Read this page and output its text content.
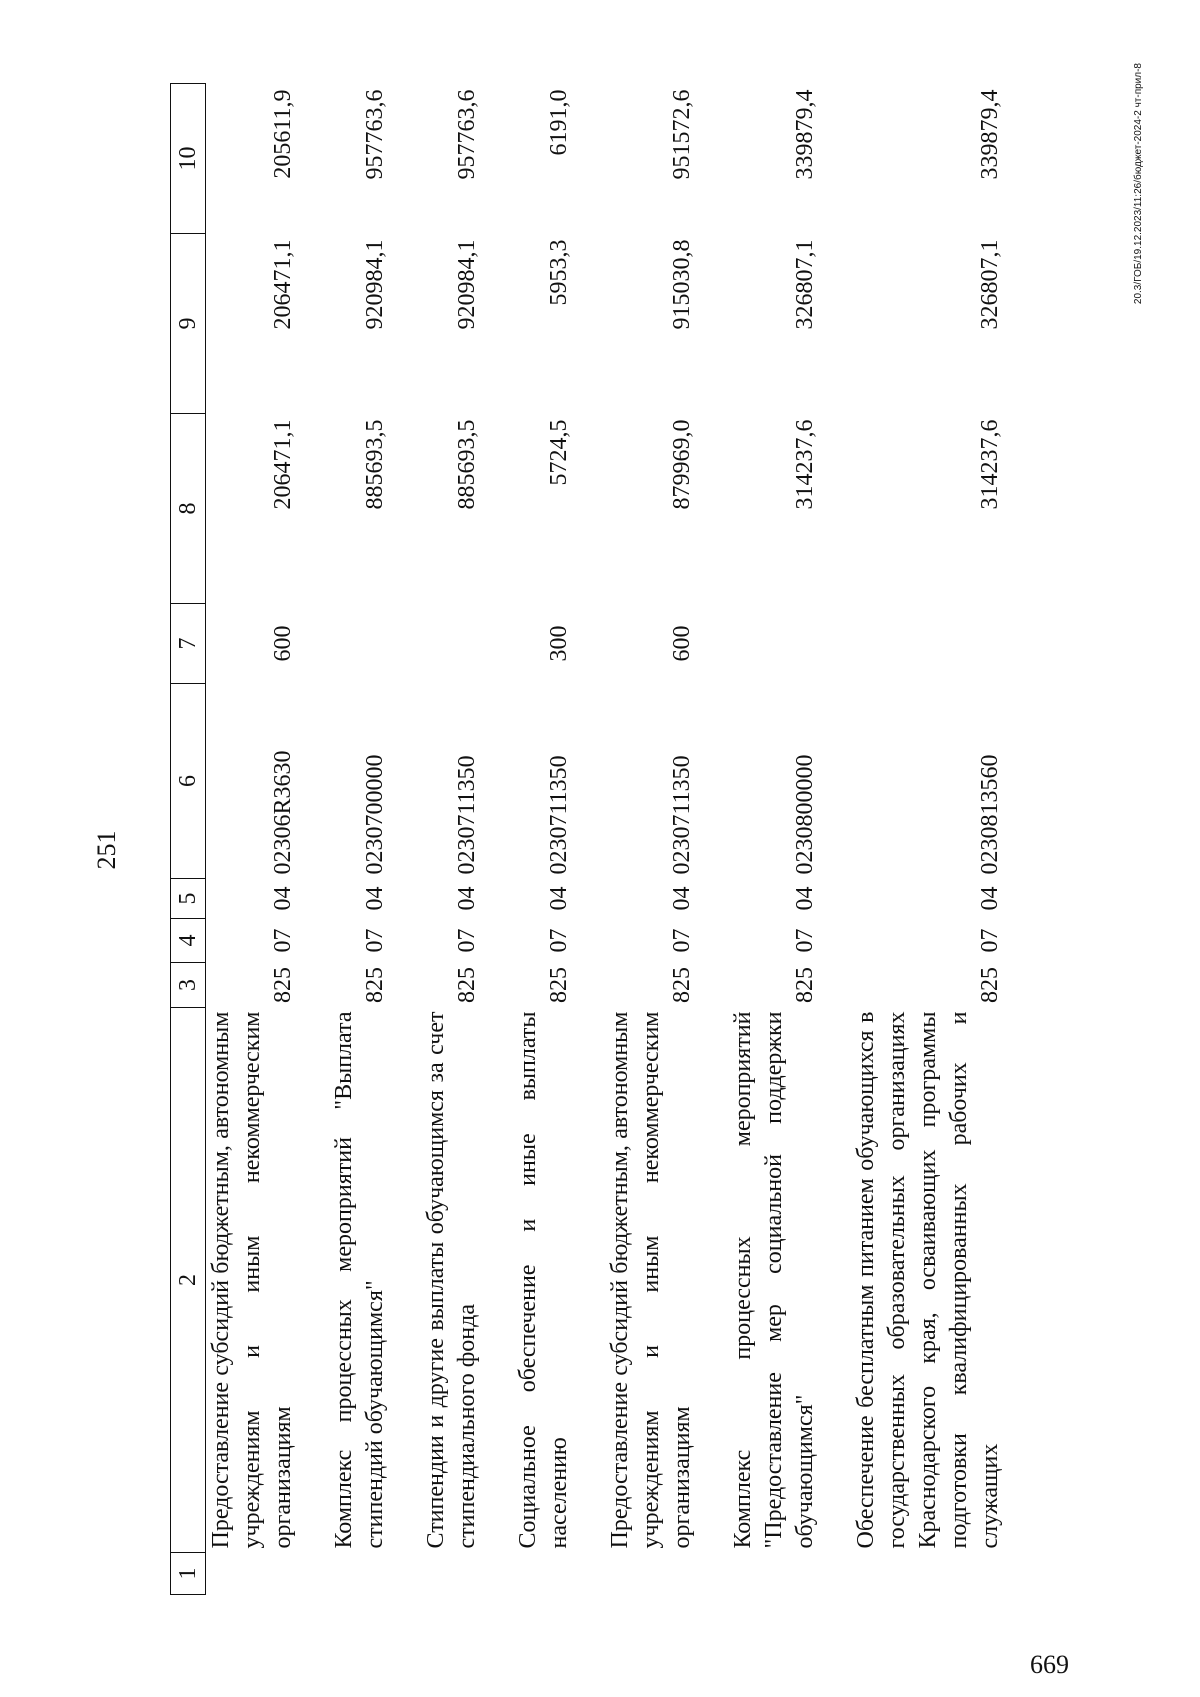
251
1	2	3	4	5	6	7	8	9	10
	Предоставление субсидий бюджетным, автономным учреждениям и иным некоммерческим организациям	825	07	04	02306R3630	600	206471,1	206471,1	205611,9
	Комплекс процессных мероприятий "Выплата стипендий обучающимся"	825	07	04	0230700000		885693,5	920984,1	957763,6
	Стипендии и другие выплаты обучающимся за счет стипендиального фонда	825	07	04	0230711350		885693,5	920984,1	957763,6
	Социальное обеспечение и иные выплаты населению	825	07	04	0230711350	300	5724,5	5953,3	6191,0
	Предоставление субсидий бюджетным, автономным учреждениям и иным некоммерческим организациям	825	07	04	0230711350	600	879969,0	915030,8	951572,6
	Комплекс процессных мероприятий "Предоставление мер социальной поддержки обучающимся"	825	07	04	0230800000		314237,6	326807,1	339879,4
	Обеспечение бесплатным питанием обучающихся в государственных образовательных организациях Краснодарского края, осваивающих программы подготовки квалифицированных рабочих и служащих	825	07	04	0230813560		314237,6	326807,1	339879,4	20.3/ГОБ/19.12.2023/11:26/бюджет-2024-2 чт-прил-8
669
